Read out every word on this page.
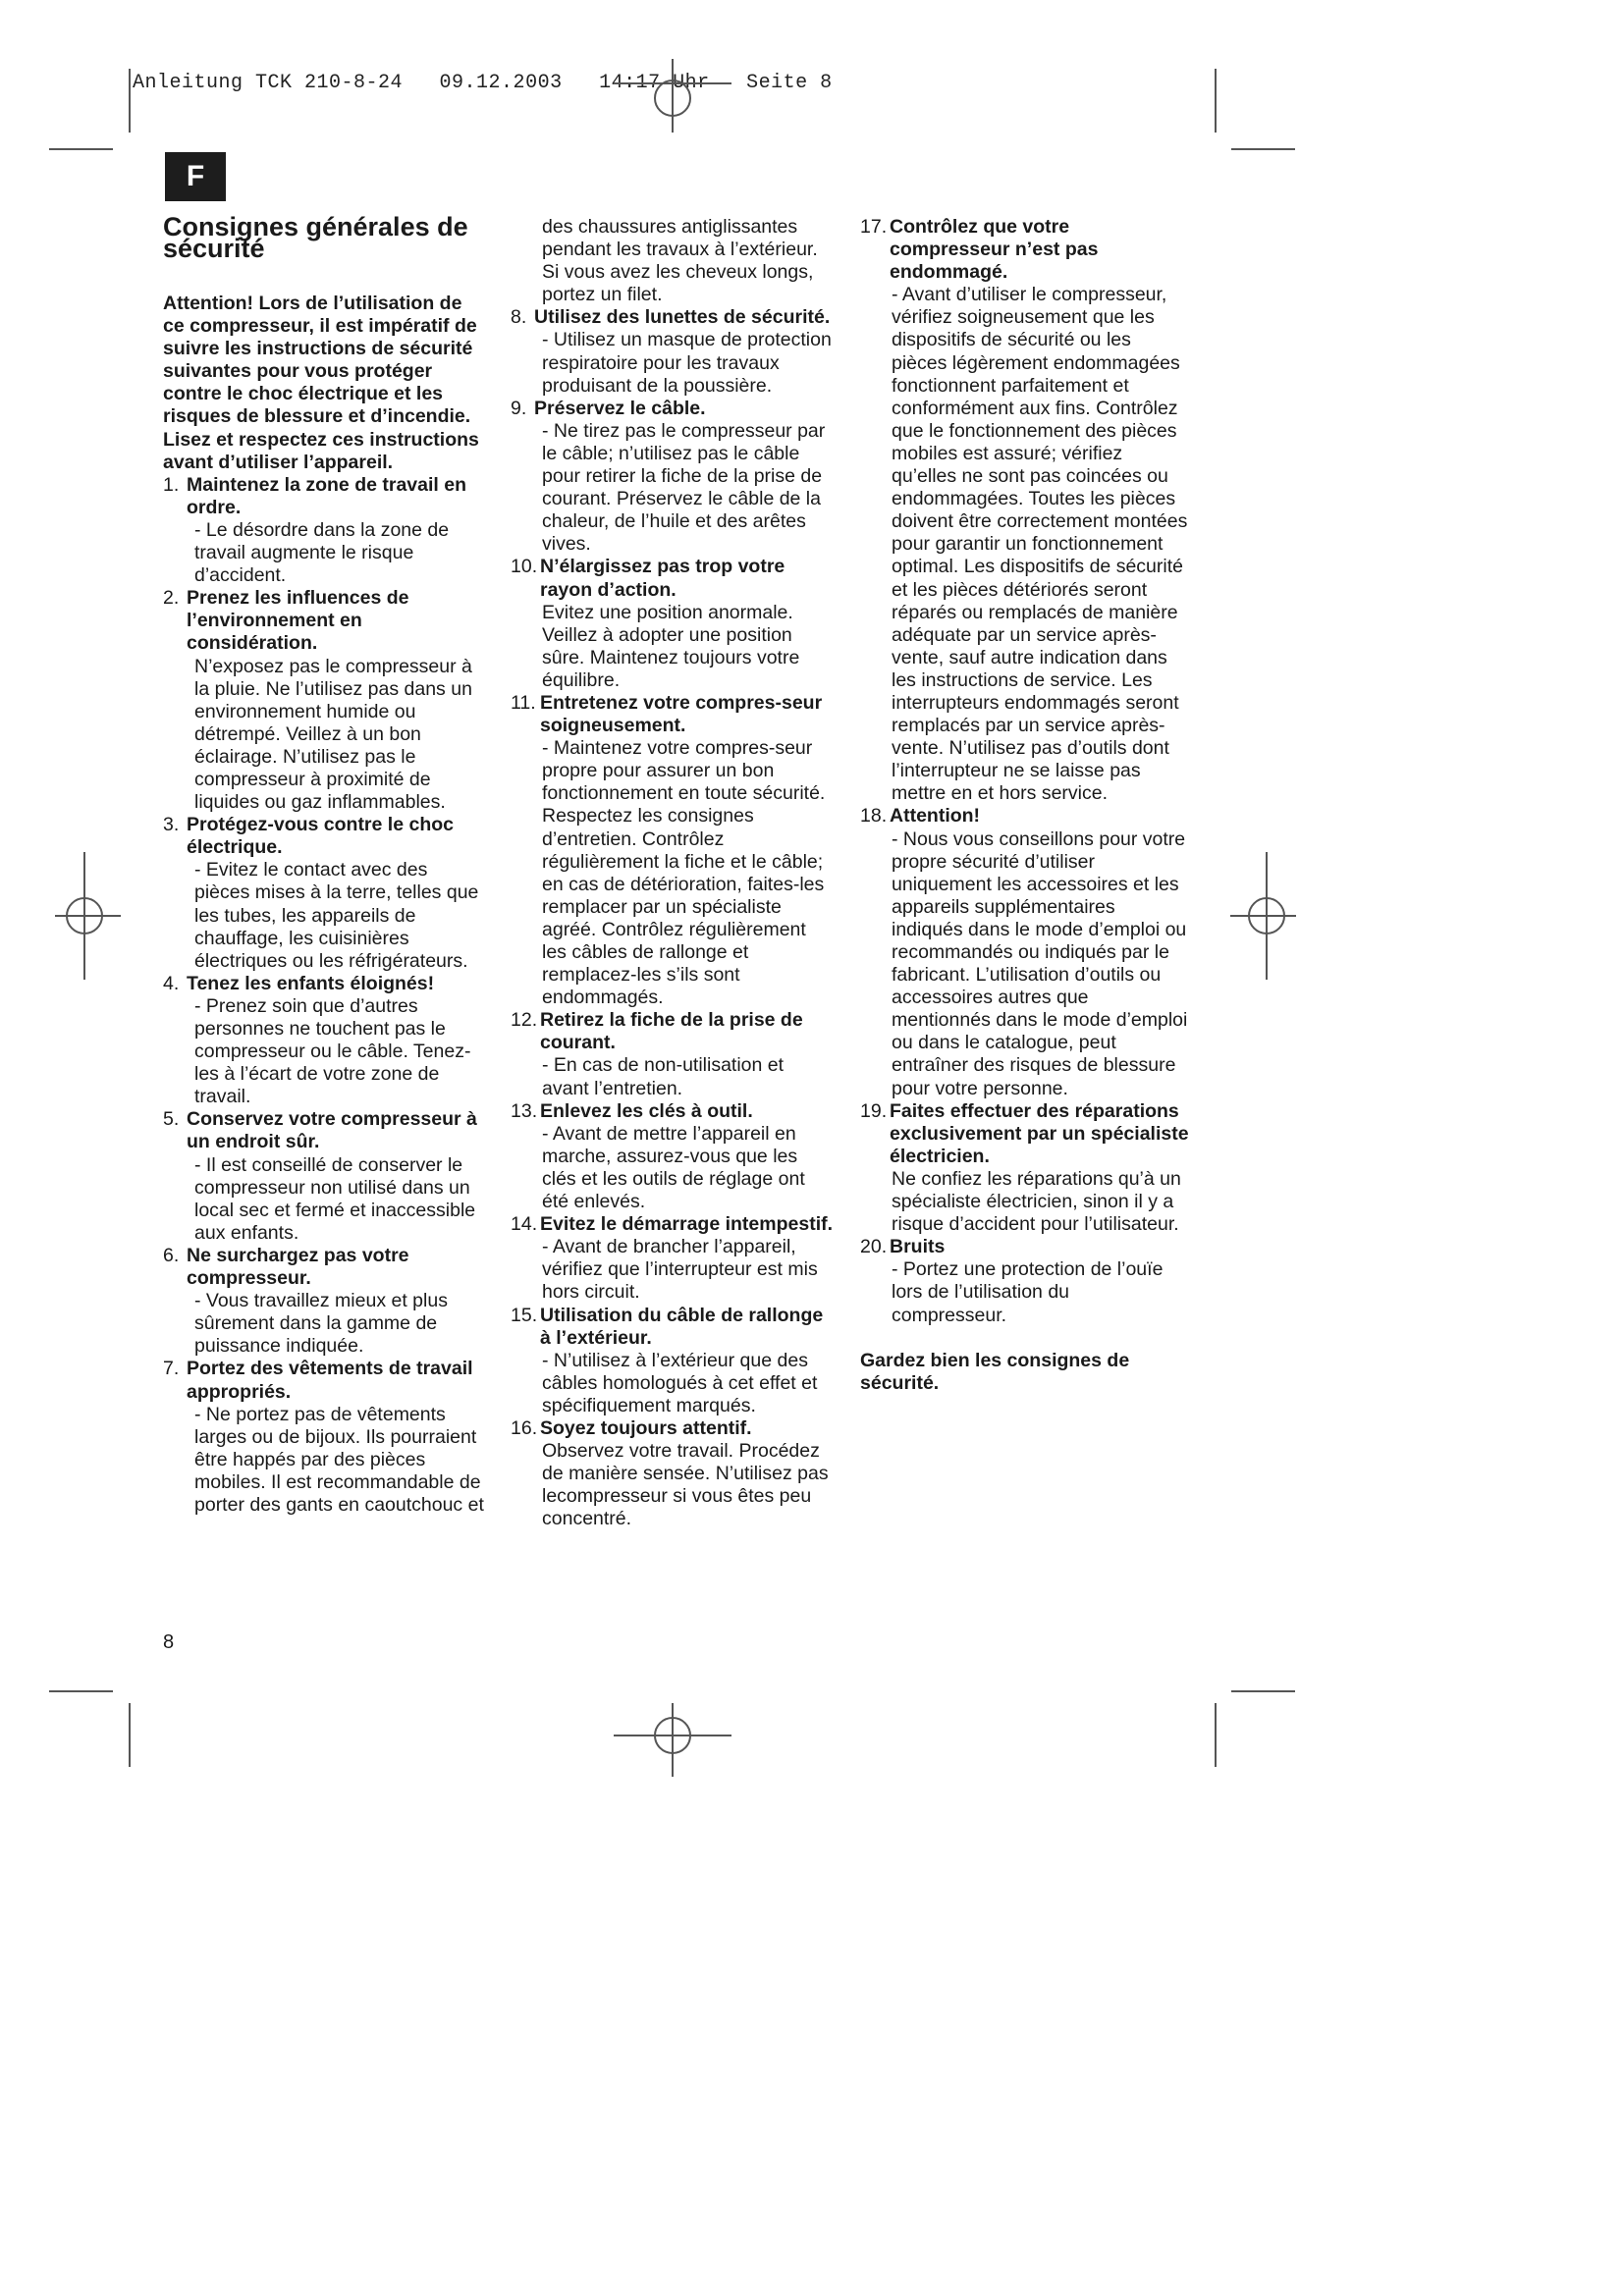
Anleitung TCK 210-8-24   09.12.2003   14:17 Uhr   Seite 8
F
Consignes générales de
sécurité

Attention! Lors de l’utilisation de ce compresseur, il est impératif de suivre les instructions de sécurité suivantes pour vous protéger contre le choc électrique et les risques de blessure et d’incendie. Lisez et respectez ces instructions avant d’utiliser l’appareil.

1. Maintenez la zone de travail en ordre.
- Le désordre dans la zone de travail augmente le risque d’accident.
2. Prenez les influences de l’environnement en considération.
N’exposez pas le compresseur à la pluie. Ne l’utilisez pas dans un environnement humide ou détrempé. Veillez à un bon éclairage. N’utilisez pas le compresseur à proximité de liquides ou gaz inflammables.
3. Protégez-vous contre le choc électrique.
- Evitez le contact avec des pièces mises à la terre, telles que les tubes, les appareils de chauffage, les cuisinières électriques ou les réfrigérateurs.
4. Tenez les enfants éloignés!
- Prenez soin que d’autres personnes ne touchent pas le compresseur ou le câble. Tenez-les à l’écart de votre zone de travail.
5. Conservez votre compresseur à un endroit sûr.
- Il est conseillé de conserver le compresseur non utilisé dans un local sec et fermé et inaccessible aux enfants.
6. Ne surchargez pas votre compresseur.
- Vous travaillez mieux et plus sûrement dans la gamme de puissance indiquée.
7. Portez des vêtements de travail appropriés.
- Ne portez pas de vêtements larges ou de bijoux. Ils pourraient être happés par des pièces mobiles. Il est recommandable de porter des gants en caoutchouc et
des chaussures antiglissantes pendant les travaux à l’extérieur. Si vous avez les cheveux longs, portez un filet.
8. Utilisez des lunettes de sécurité.
- Utilisez un masque de protection respiratoire pour les travaux produisant de la poussière.
9. Préservez le câble.
- Ne tirez pas le compresseur par le câble; n’utilisez pas le câble pour retirer la fiche de la prise de courant. Préservez le câble de la chaleur, de l’huile et des arêtes vives.
10. N’élargissez pas trop votre rayon d’action.
Evitez une position anormale. Veillez à adopter une position sûre. Maintenez toujours votre équilibre.
11. Entretenez votre compres-seur soigneusement.
- Maintenez votre compres-seur propre pour assurer un bon fonctionnement en toute sécurité. Respectez les consignes d’entretien. Contrôlez régulièrement la fiche et le câble; en cas de détérioration, faites-les remplacer par un spécialiste agréé. Contrôlez régulièrement les câbles de rallonge et remplacez-les s’ils sont endommagés.
12. Retirez la fiche de la prise de courant.
- En cas de non-utilisation et avant l’entretien.
13. Enlevez les clés à outil.
- Avant de mettre l’appareil en marche, assurez-vous que les clés et les outils de réglage ont été enlevés.
14. Evitez le démarrage intempestif.
- Avant de brancher l’appareil, vérifiez que l’interrupteur est mis hors circuit.
15. Utilisation du câble de rallonge à l’extérieur.
- N’utilisez à l’extérieur que des câbles homologués à cet effet et spécifiquement marqués.
16. Soyez toujours attentif.
Observez votre travail. Procédez de manière sensée. N’utilisez pas lecompresseur si vous êtes peu concentré.
17. Contrôlez que votre compresseur n’est pas endommagé.
- Avant d’utiliser le compresseur, vérifiez soigneusement que les dispositifs de sécurité ou les pièces légèrement endommagées fonctionnent parfaitement et conformément aux fins. Contrôlez que le fonctionnement des pièces mobiles est assuré; vérifiez qu’elles ne sont pas coincées ou endommagées. Toutes les pièces doivent être correctement montées pour garantir un fonctionnement optimal. Les dispositifs de sécurité et les pièces détériorés seront réparés ou remplacés de manière adéquate par un service après-vente, sauf autre indication dans les instructions de service. Les interrupteurs endommagés seront remplacés par un service après-vente. N’utilisez pas d’outils dont l’interrupteur ne se laisse pas mettre en et hors service.
18. Attention!
- Nous vous conseillons pour votre propre sécurité d’utiliser uniquement les accessoires et les appareils supplémentaires indiqués dans le mode d’emploi ou recommandés ou indiqués par le fabricant. L’utilisation d’outils ou accessoires autres que mentionnés dans le mode d’emploi ou dans le catalogue, peut entraîner des risques de blessure pour votre personne.
19. Faites effectuer des réparations exclusivement par un spécialiste électricien.
Ne confiez les réparations qu’à un spécialiste électricien, sinon il y a risque d’accident pour l’utilisateur.
20. Bruits
- Portez une protection de l’ouïe lors de l’utilisation du compresseur.

Gardez bien les consignes de sécurité.

8
